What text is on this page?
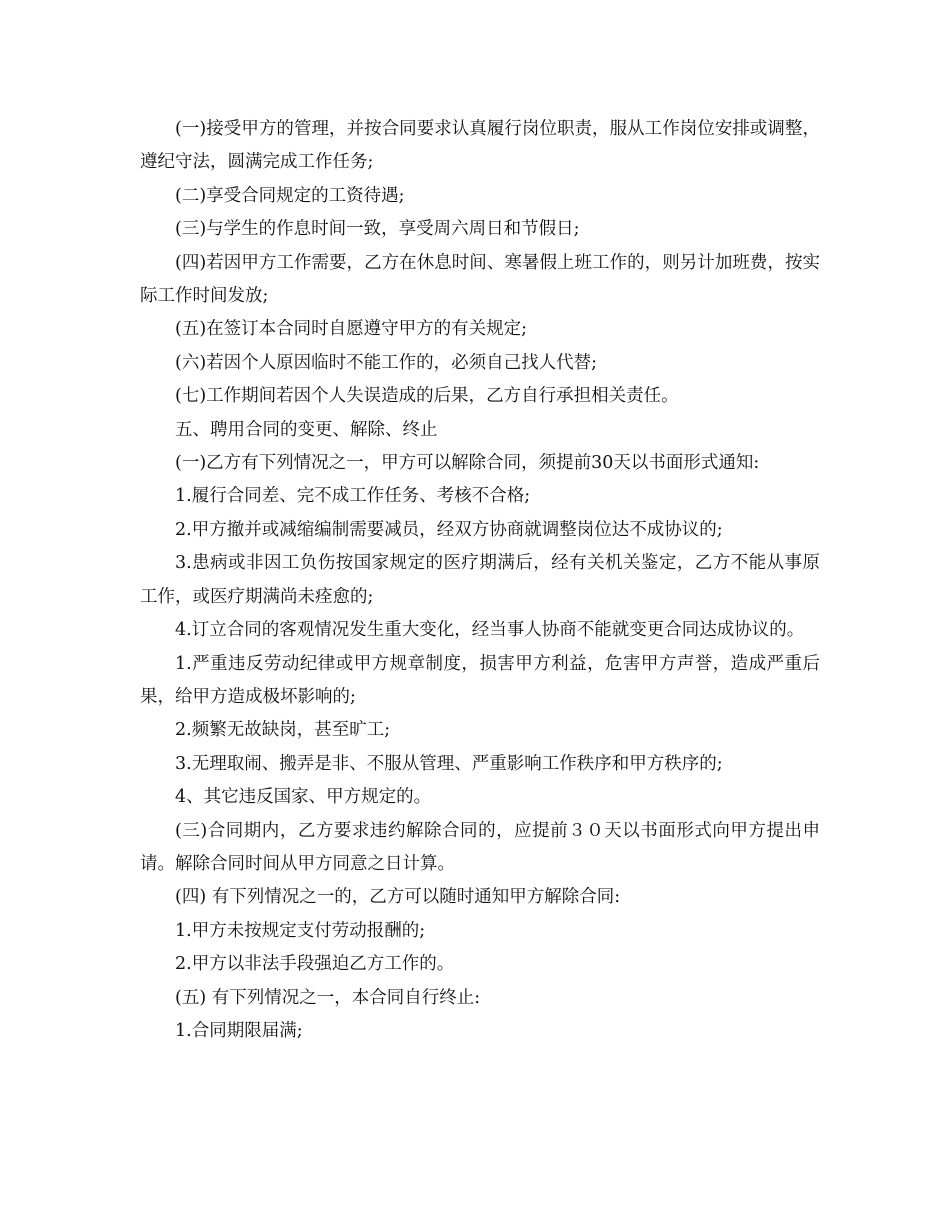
(一)接受甲方的管理，并按合同要求认真履行岗位职责，服从工作岗位安排或调整，遵纪守法，圆满完成工作任务;

(二)享受合同规定的工资待遇;

(三)与学生的作息时间一致，享受周六周日和节假日;

(四)若因甲方工作需要，乙方在休息时间、寒暑假上班工作的，则另计加班费，按实际工作时间发放;

(五)在签订本合同时自愿遵守甲方的有关规定;

(六)若因个人原因临时不能工作的，必须自己找人代替;

(七)工作期间若因个人失误造成的后果，乙方自行承担相关责任。

五、聘用合同的变更、解除、终止

(一)乙方有下列情况之一，甲方可以解除合同，须提前30天以书面形式通知:

1.履行合同差、完不成工作任务、考核不合格;

2.甲方撤并或减缩编制需要减员，经双方协商就调整岗位达不成协议的;

3.患病或非因工负伤按国家规定的医疗期满后，经有关机关鉴定，乙方不能从事原工作，或医疗期满尚未痊愈的;

4.订立合同的客观情况发生重大变化，经当事人协商不能就变更合同达成协议的。

1.严重违反劳动纪律或甲方规章制度，损害甲方利益，危害甲方声誉，造成严重后果，给甲方造成极坏影响的;

2.频繁无故缺岗，甚至旷工;

3.无理取闹、搬弄是非、不服从管理、严重影响工作秩序和甲方秩序的;

4、其它违反国家、甲方规定的。

(三)合同期内，乙方要求违约解除合同的，应提前３０天以书面形式向甲方提出申请。解除合同时间从甲方同意之日计算。

(四) 有下列情况之一的，乙方可以随时通知甲方解除合同:

1.甲方未按规定支付劳动报酬的;

2.甲方以非法手段强迫乙方工作的。

(五) 有下列情况之一，本合同自行终止:

1.合同期限届满;
